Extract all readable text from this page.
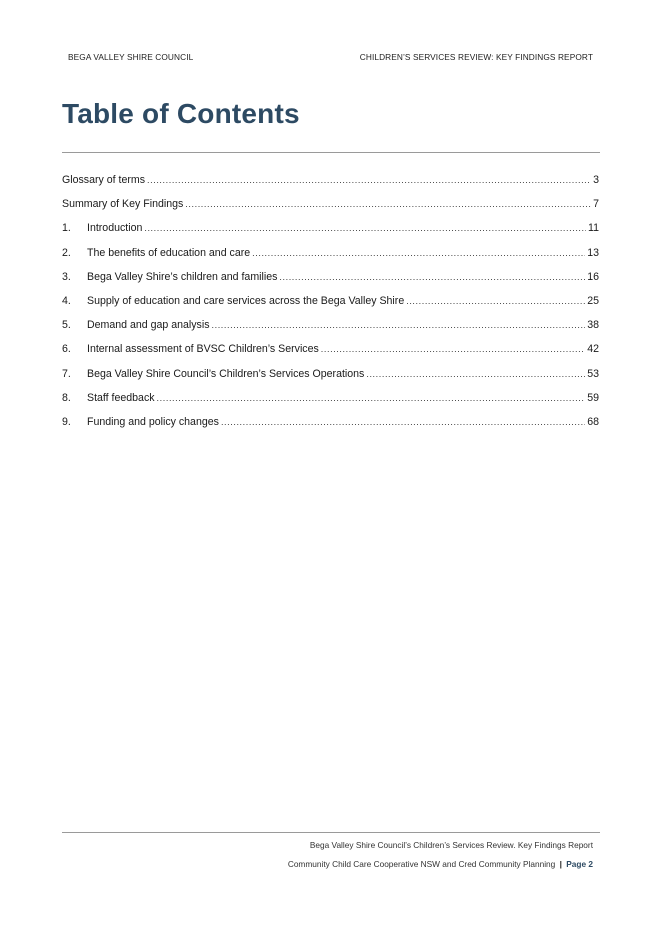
BEGA VALLEY SHIRE COUNCIL	CHILDREN’S SERVICES REVIEW: KEY FINDINGS REPORT
Table of Contents
Glossary of terms .....	3
Summary of Key Findings .....	7
1.	Introduction .....	11
2.	The benefits of education and care .....	13
3.	Bega Valley Shire’s children and families .....	16
4.	Supply of education and care services across the Bega Valley Shire .....	25
5.	Demand and gap analysis .....	38
6.	Internal assessment of BVSC Children’s Services .....	42
7.	Bega Valley Shire Council’s Children’s Services Operations .....	53
8.	Staff feedback .....	59
9.	Funding and policy changes .....	68
Bega Valley Shire Council’s Children’s Services Review. Key Findings Report
Community Child Care Cooperative NSW and Cred Community Planning | Page 2
